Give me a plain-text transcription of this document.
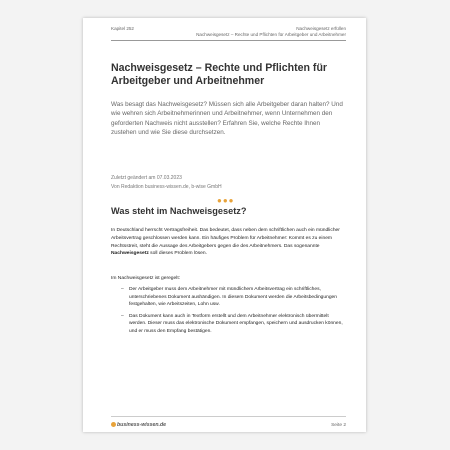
Kapitel 252	Nachweisgesetz erfüllen
Nachweisgesetz – Rechte und Pflichten für Arbeitgeber und Arbeitnehmer
Nachweisgesetz – Rechte und Pflichten für Arbeitgeber und Arbeitnehmer
Was besagt das Nachweisgesetz? Müssen sich alle Arbeitgeber daran halten? Und wie wehren sich Arbeitnehmerinnen und Arbeitnehmer, wenn Unternehmen den geforderten Nachweis nicht ausstellen? Erfahren Sie, welche Rechte Ihnen zustehen und wie Sie diese durchsetzen.
Zuletzt geändert am 07.03.2023
Von Redaktion business-wissen.de, b-wise GmbH
●●●
Was steht im Nachweisgesetz?
In Deutschland herrscht Vertragsfreiheit. Das bedeutet, dass neben dem schriftlichen auch ein mündlicher Arbeitsvertrag geschlossen werden kann. Ein häufiges Problem für Arbeitnehmer: Kommt es zu einem Rechtsstreit, steht die Aussage des Arbeitgebers gegen die des Arbeitnehmers. Das sogenannte Nachweisgesetz soll dieses Problem lösen.
Im Nachweisgesetz ist geregelt:
– Der Arbeitgeber muss dem Arbeitnehmer mit mündlichem Arbeitsvertrag ein schriftliches, unterschriebenes Dokument aushändigen. In diesem Dokument werden die Arbeitsbedingungen festgehalten, wie Arbeitszeiten, Lohn usw.
– Das Dokument kann auch in Textform erstellt und dem Arbeitnehmer elektronisch übermittelt werden. Dieser muss das elektronische Dokument empfangen, speichern und ausdrucken können, und er muss den Empfang bestätigen.
business-wissen.de	Seite 2
